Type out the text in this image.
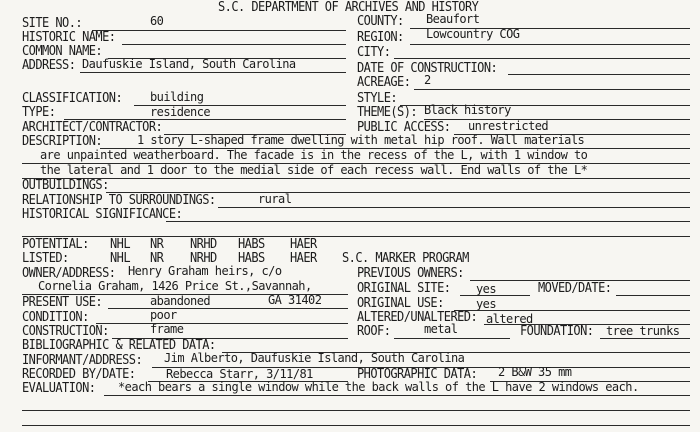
S.C. DEPARTMENT OF ARCHIVES AND HISTORY
SITE NO.:	60
HISTORIC NAME:
COMMON NAME:
ADDRESS: Daufuskie Island, South Carolina
COUNTY: Beaufort
REGION: Lowcountry COG
CITY:
DATE OF CONSTRUCTION:
ACREAGE: 2
CLASSIFICATION: building	STYLE:
TYPE:	residence	THEME(S): Black history
ARCHITECT/CONTRACTOR:	PUBLIC ACCESS: unrestricted
DESCRIPTION:	1 story L-shaped frame dwelling with metal hip roof. Wall materials
are unpainted weatherboard. The facade is in the recess of the L, with 1 window to
the lateral and 1 door to the medial side of each recess wall. End walls of the L*
OUTBUILDINGS:
RELATIONSHIP TO SURROUNDINGS:	rural
HISTORICAL SIGNIFICANCE:
POTENTIAL: NHL NR NRHD HABS HAER
LISTED:	NHL NR NRHD HABS HAER S.C. MARKER PROGRAM
OWNER/ADDRESS: Henry Graham heirs, c/o
Cornelia Graham, 1426 Price St.,Savannah,
GA 31402
PREVIOUS OWNERS:
ORIGINAL SITE: yes	MOVED/DATE:
PRESENT USE:	abandoned	ORIGINAL USE:	yes
CONDITION:	poor	ALTERED/UNALTERED: altered
CONSTRUCTION:	frame	ROOF:	metal	FOUNDATION: tree trunks
BIBLIOGRAPHIC & RELATED DATA:
INFORMANT/ADDRESS: Jim Alberto, Daufuskie Island, South Carolina
RECORDED BY/DATE:	Rebecca Starr, 3/11/81	PHOTOGRAPHIC DATA: 2 B&W 35 mm
EVALUATION: *each bears a single window while the back walls of the L have 2 windows each.
